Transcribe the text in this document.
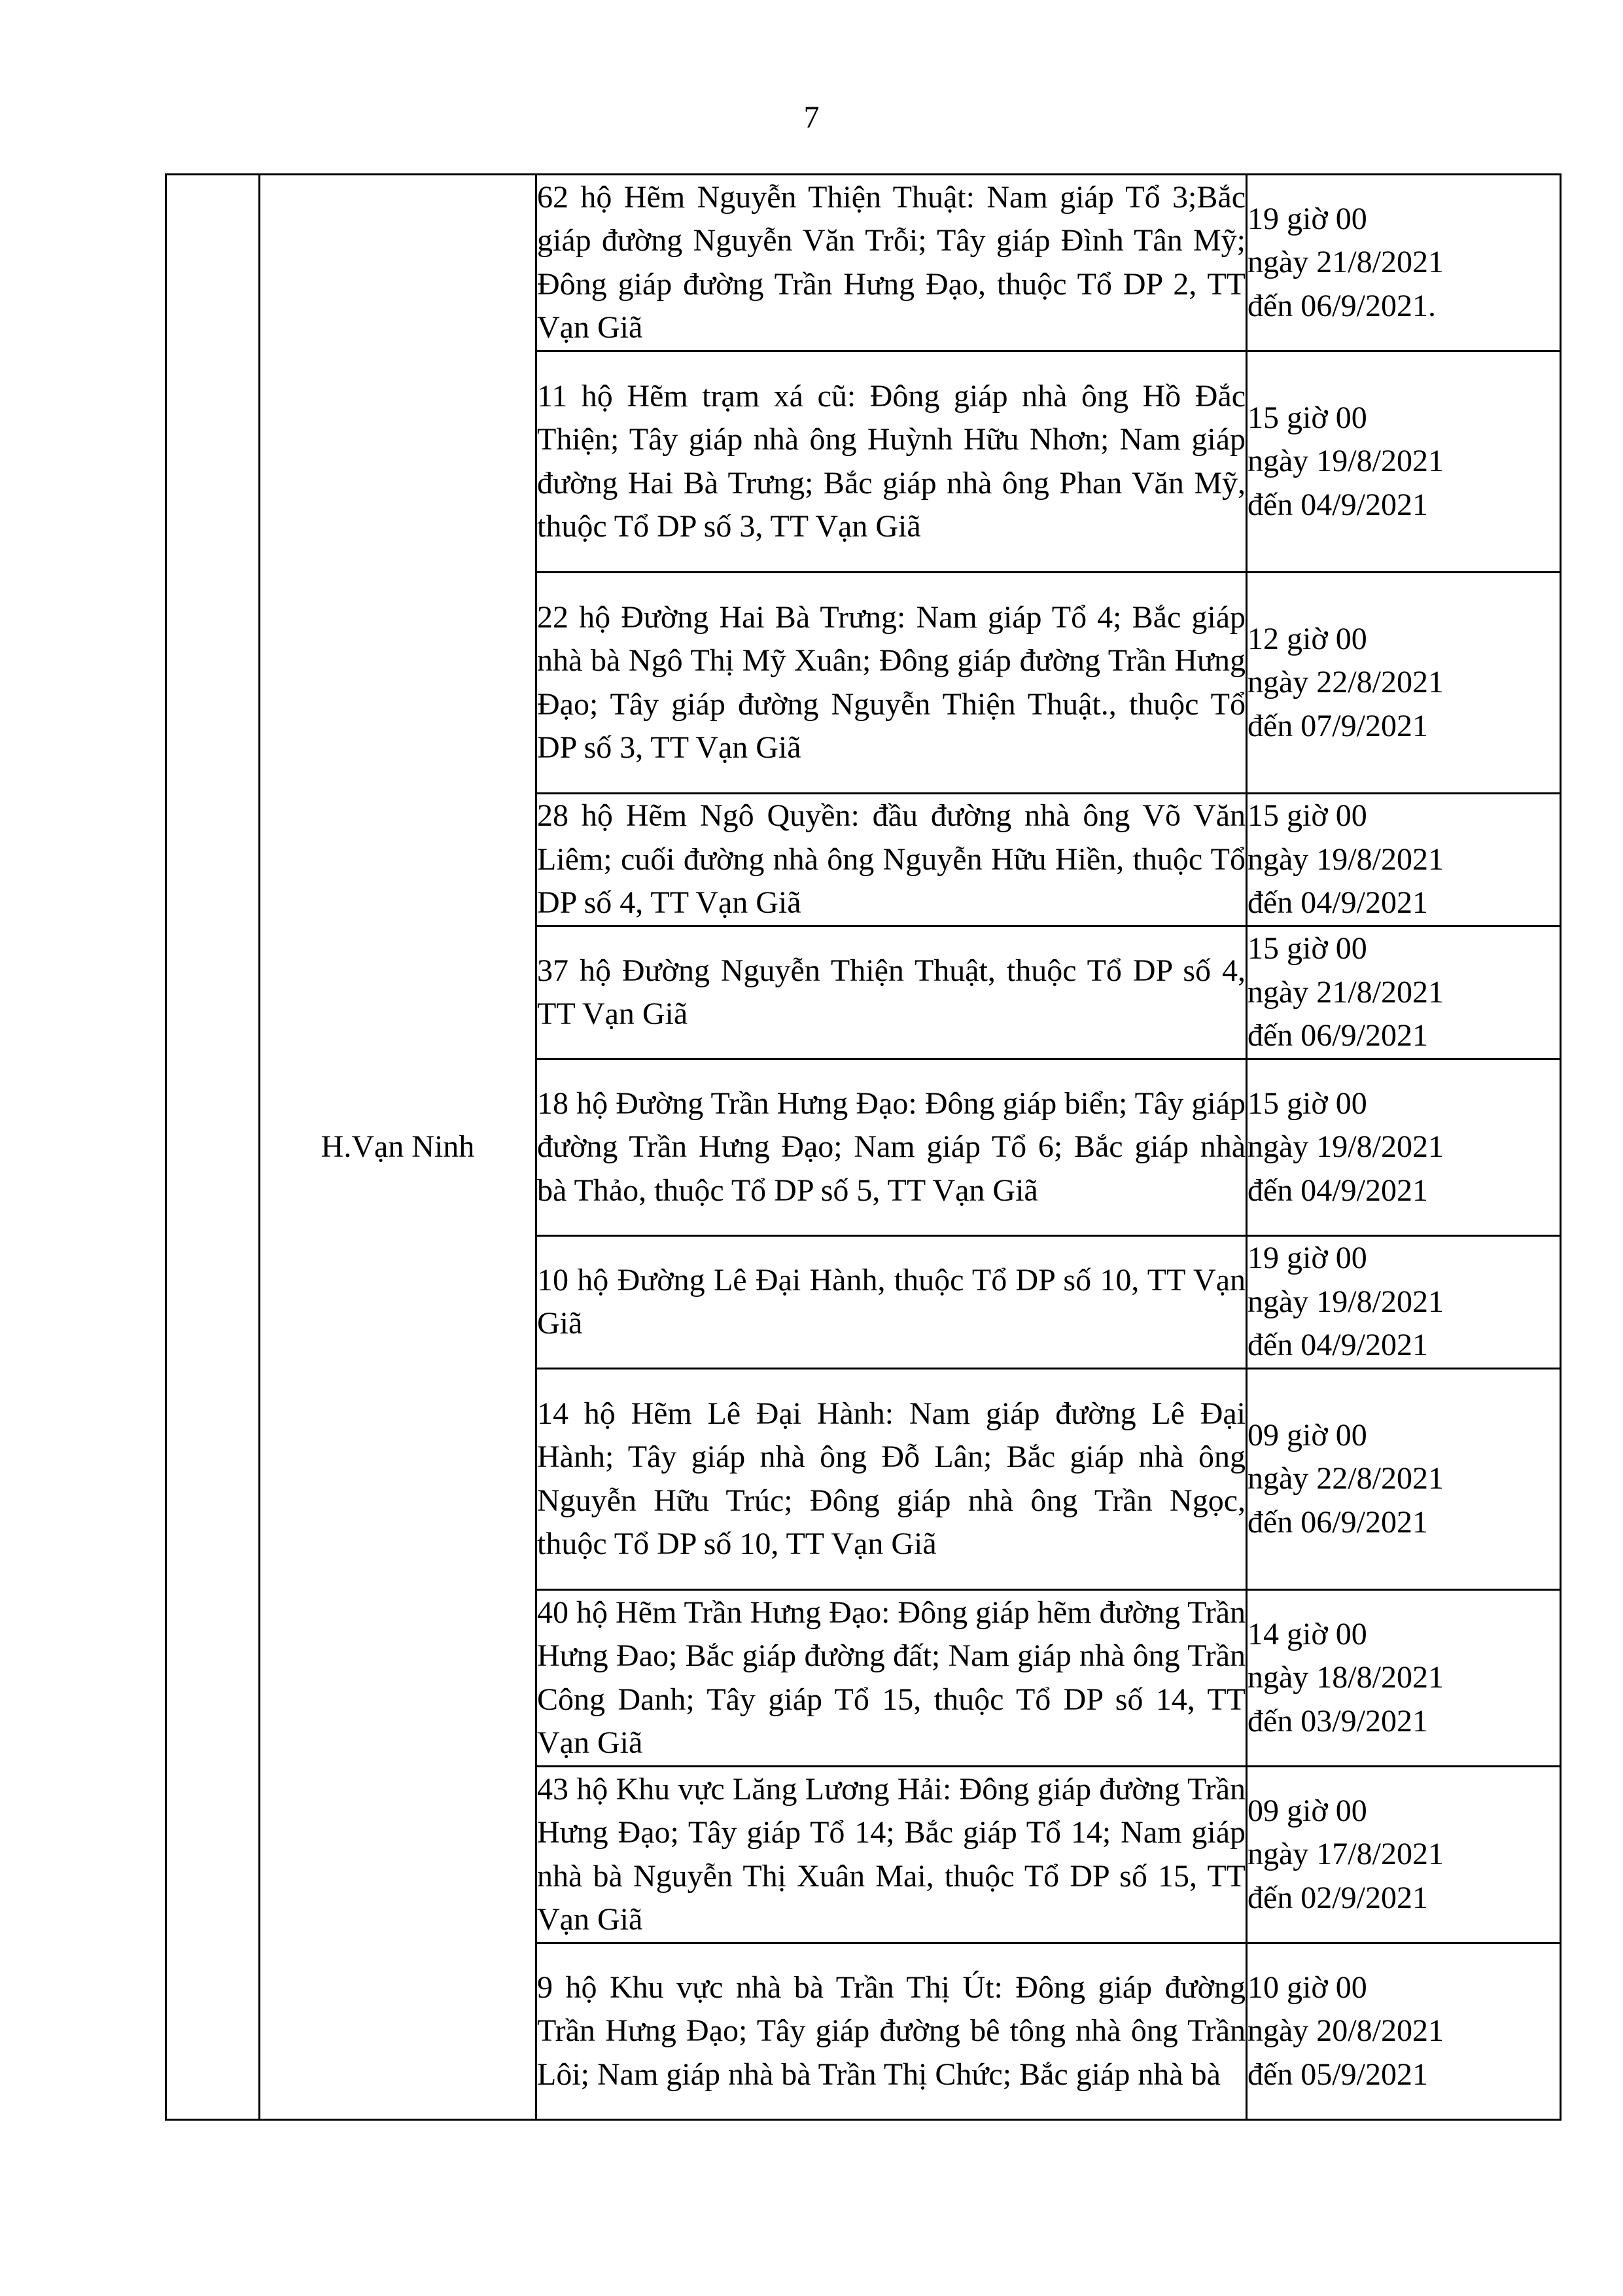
7
	H.Vạn Ninh	62 hộ Hẽm Nguyễn Thiện Thuật: Nam giáp Tổ 3;Bắc giáp đường Nguyễn Văn Trỗi; Tây giáp Đình Tân Mỹ; Đông giáp đường Trần Hưng Đạo, thuộc Tổ DP 2, TT Vạn Giã	19 giờ 00
ngày 21/8/2021
đến 06/9/2021.

		11 hộ Hẽm trạm xá cũ: Đông giáp nhà ông Hồ Đắc Thiện; Tây giáp nhà ông Huỳnh Hữu Nhơn; Nam giáp đường Hai Bà Trưng; Bắc giáp nhà ông Phan Văn Mỹ, thuộc Tổ DP số 3, TT Vạn Giã	15 giờ 00
ngày 19/8/2021
đến 04/9/2021

		22 hộ Đường Hai Bà Trưng: Nam giáp Tổ 4; Bắc giáp nhà bà Ngô Thị Mỹ Xuân; Đông giáp đường Trần Hưng Đạo; Tây giáp đường Nguyễn Thiện Thuật., thuộc Tổ DP số 3, TT Vạn Giã	12 giờ 00
ngày 22/8/2021
đến 07/9/2021

		28 hộ Hẽm Ngô Quyền: đầu đường nhà ông Võ Văn Liêm; cuối đường nhà ông Nguyễn Hữu Hiền, thuộc Tổ DP số 4, TT Vạn Giã	15 giờ 00
ngày 19/8/2021
đến 04/9/2021

		37 hộ Đường Nguyễn Thiện Thuật, thuộc Tổ DP số 4, TT Vạn Giã	15 giờ 00
ngày 21/8/2021
đến 06/9/2021

		18 hộ Đường Trần Hưng Đạo: Đông giáp biển; Tây giáp đường Trần Hưng Đạo; Nam giáp Tổ 6; Bắc giáp nhà bà Thảo, thuộc Tổ DP số 5, TT Vạn Giã	15 giờ 00
ngày 19/8/2021
đến 04/9/2021

		10 hộ Đường Lê Đại Hành, thuộc Tổ DP số 10, TT Vạn Giã	19 giờ 00
ngày 19/8/2021
đến 04/9/2021

		14 hộ Hẽm Lê Đại Hành: Nam giáp đường Lê Đại Hành; Tây giáp nhà ông Đỗ Lân; Bắc giáp nhà ông Nguyễn Hữu Trúc; Đông giáp nhà ông Trần Ngọc, thuộc Tổ DP số 10, TT Vạn Giã	09 giờ 00
ngày 22/8/2021
đến 06/9/2021

		40 hộ Hẽm Trần Hưng Đạo: Đông giáp hẽm đường Trần Hưng Đao; Bắc giáp đường đất; Nam giáp nhà ông Trần Công Danh; Tây giáp Tổ 15, thuộc Tổ DP số 14, TT Vạn Giã	14 giờ 00
ngày 18/8/2021
đến 03/9/2021

		43 hộ Khu vực Lăng Lương Hải: Đông giáp đường Trần Hưng Đạo; Tây giáp Tổ 14; Bắc giáp Tổ 14; Nam giáp nhà bà Nguyễn Thị Xuân Mai, thuộc Tổ DP số 15, TT Vạn Giã	09 giờ 00
ngày 17/8/2021
đến 02/9/2021

		9 hộ Khu vực nhà bà Trần Thị Út: Đông giáp đường Trần Hưng Đạo; Tây giáp đường bê tông nhà ông Trần Lôi; Nam giáp nhà bà Trần Thị Chức; Bắc giáp nhà bà	10 giờ 00
ngày 20/8/2021
đến 05/9/2021
